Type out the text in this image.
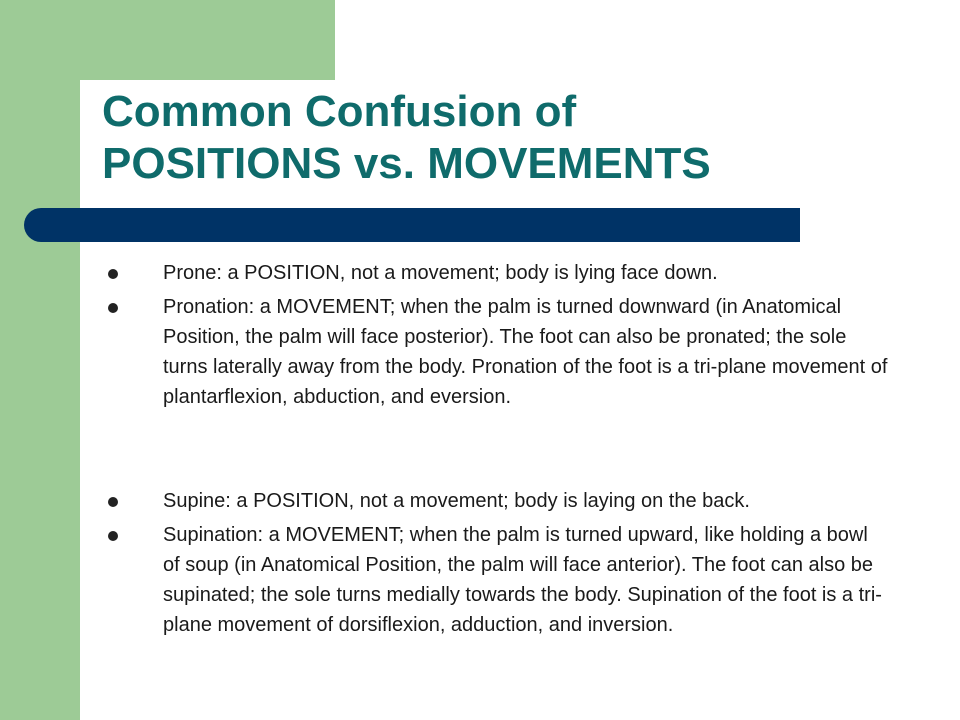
Common Confusion of
POSITIONS vs. MOVEMENTS
Prone: a POSITION, not a movement; body is lying face down.
Pronation: a MOVEMENT; when the palm is turned downward (in Anatomical Position, the palm will face posterior). The foot can also be pronated; the sole turns laterally away from the body. Pronation of the foot is a tri-plane movement of plantarflexion, abduction, and eversion.
Supine: a POSITION, not a movement; body is laying on the back.
Supination: a MOVEMENT; when the palm is turned upward, like holding a bowl of soup (in Anatomical Position, the palm will face anterior). The foot can also be supinated; the sole turns medially towards the body. Supination of the foot is a tri-plane movement of dorsiflexion, adduction, and inversion.
